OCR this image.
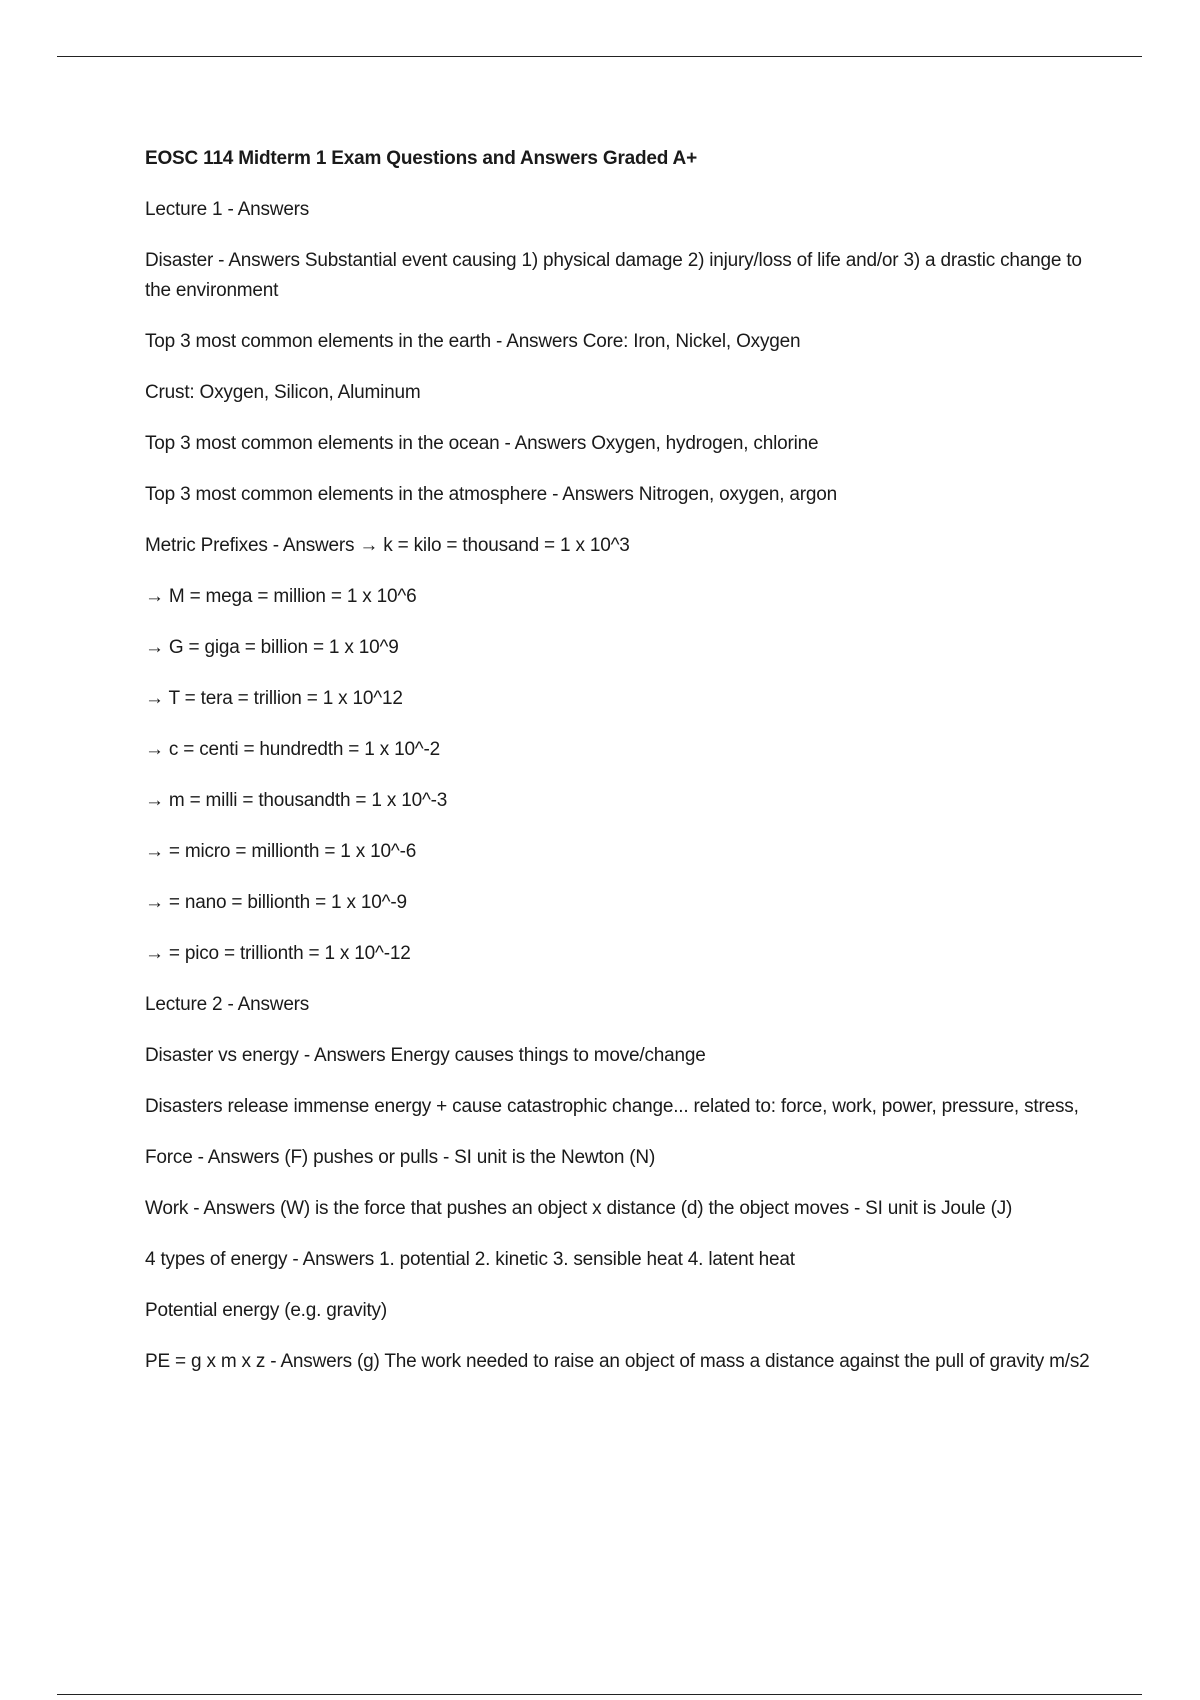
EOSC 114 Midterm 1 Exam Questions and Answers Graded A+
Lecture 1 - Answers
Disaster - Answers Substantial event causing 1) physical damage 2) injury/loss of life and/or 3) a drastic change to the environment
Top 3 most common elements in the earth - Answers Core: Iron, Nickel, Oxygen
Crust: Oxygen, Silicon, Aluminum
Top 3 most common elements in the ocean - Answers Oxygen, hydrogen, chlorine
Top 3 most common elements in the atmosphere - Answers Nitrogen, oxygen, argon
Metric Prefixes - Answers → k = kilo = thousand = 1 x 10^3
→ M = mega = million = 1 x 10^6
→ G = giga = billion = 1 x 10^9
→ T = tera = trillion = 1 x 10^12
→ c = centi = hundredth = 1 x 10^-2
→ m = milli = thousandth = 1 x 10^-3
→ = micro = millionth = 1 x 10^-6
→ = nano = billionth = 1 x 10^-9
→ = pico = trillionth = 1 x 10^-12
Lecture 2 - Answers
Disaster vs energy - Answers Energy causes things to move/change
Disasters release immense energy + cause catastrophic change... related to: force, work, power, pressure, stress,
Force - Answers (F) pushes or pulls - SI unit is the Newton (N)
Work - Answers (W) is the force that pushes an object x distance (d) the object moves - SI unit is Joule (J)
4 types of energy - Answers 1. potential 2. kinetic 3. sensible heat 4. latent heat
Potential energy (e.g. gravity)
PE = g x m x z - Answers (g) The work needed to raise an object of mass a distance against the pull of gravity m/s2
